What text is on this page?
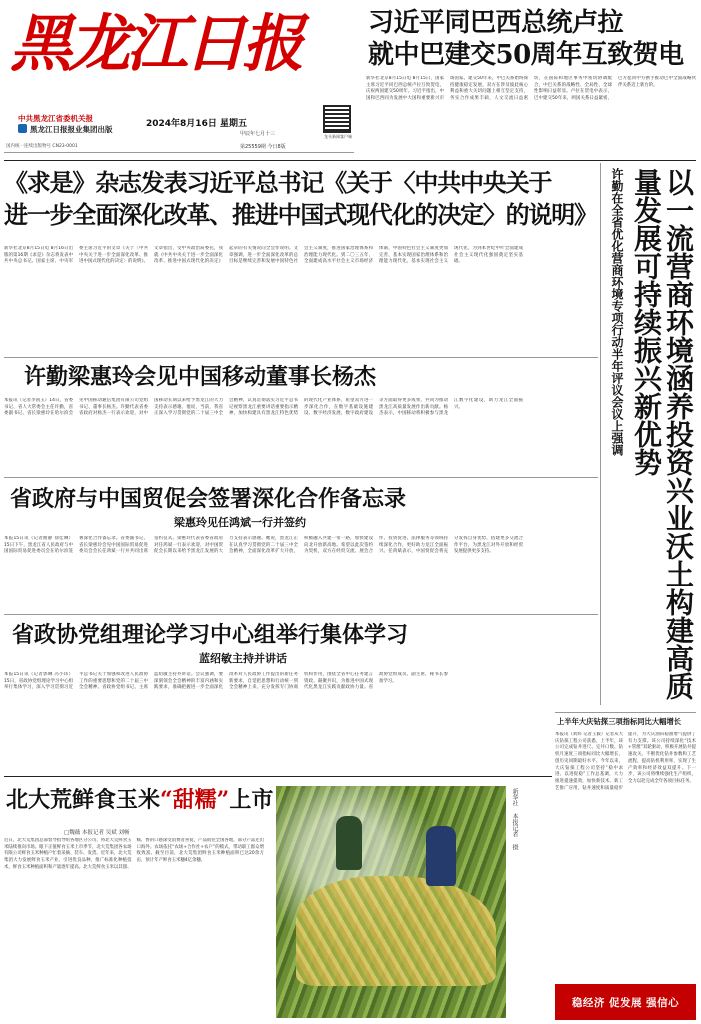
黑龙江日报
中共黑龙江省委机关报
黑龙江日报报业集团出版
国内统一连续出版物号 CN23-0001
2024年8月16日 星期五
甲辰年七月十三
第25559期 今日8版
龙头新闻客户端
习近平同巴西总统卢拉
就中巴建交50周年互致贺电
新华社北京8月15日电 8月15日，国家主席习近平同巴西总统卢拉互致贺电，庆祝两国建交50周年。习近平指出，中国和巴西同为发展中大国和重要新兴市场国家。建交50年来，中巴关系始终保持健康稳定发展，双方在涉及彼此核心利益和重大关切问题上相互坚定支持，务实合作成果丰硕，人文交流日益密切，在国际和地区事务中密切协调配合，中巴关系的战略性、全局性、全球性影响日益彰显。卢拉在贺电中表示，巴中建交50年来，两国关系日益紧密，巴方愿同中方携手推动巴中全面战略伙伴关系迈上新台阶。
《求是》杂志发表习近平总书记《关于〈中共中央关于
进一步全面深化改革、推进中国式现代化的决定〉的说明》
新华社北京8月15日电 8月16日出版的第16期《求是》杂志将发表中共中央总书记、国家主席、中央军委主席习近平的文章《关于〈中共中央关于进一步全面深化改革、推进中国式现代化的决定〉的说明》。文章指出，受中央政治局委托，我就《中共中央关于进一步全面深化改革、推进中国式现代化的决定》起草的有关情况向全会作说明。文章强调，进一步全面深化改革的总目标是继续完善和发展中国特色社会主义制度，推进国家治理体系和治理能力现代化。到二〇三五年，全面建成高水平社会主义市场经济体制，中国特色社会主义制度更加完善，基本实现国家治理体系和治理能力现代化，基本实现社会主义现代化，为到本世纪中叶全面建成社会主义现代化强国奠定坚实基础。	以一流营商环境涵养投资兴业沃土构建高质量发展可持续振兴新优势
许勤在全省优化营商环境专项行动半年评议会议上强调
许勤梁惠玲会见中国移动董事长杨杰
本报讯（记者李国玉）14日，省委书记、省人大常委会主任许勤，省委副书记、省长梁惠玲在哈尔滨会见中国移动通信集团有限公司党组书记、董事长杨杰。许勤代表省委省政府对杨杰一行表示欢迎，对中国移动长期以来给予黑龙江的大力支持表示感谢。他说，当前，我省正深入学习贯彻党的二十届三中全会精神，认真贯彻落实习近平总书记视察黑龙江重要讲话重要指示精神，加快构建具有黑龙江特色优势的现代化产业体系，希望双方进一步深化合作，在数字基础设施建设、数字经济发展、数字政府建设等方面取得更多成果，共同为推动黑龙江高质量发展作出新贡献。杨杰表示，中国移动将积极参与黑龙江数字化建设，助力龙江全面振兴。
省政府与中国贸促会签署深化合作备忘录
梁惠玲见任鸿斌一行并签约
本报15日讯（记者曲静 徐佳琳）15日下午，黑龙江省人民政府与中国国际贸易促进委员会在哈尔滨签署深化合作备忘录。省委副书记、省长梁惠玲会见中国国际贸易促进委员会会长任鸿斌一行并共同出席签约仪式。梁惠玲代表省委省政府对任鸿斌一行表示欢迎，对中国贸促会长期以来给予黑龙江发展的大力支持表示感谢。她说，黑龙江正在认真学习贯彻党的二十届三中全会精神，全面深化改革扩大开放，积极融入共建一带一路，加快建设向北开放新高地。希望以此次签约为契机，双方在经贸交流、展会合作、投资促进、法律服务等领域持续深化合作，更好助力龙江全面振兴。任鸿斌表示，中国贸促会将充分发挥自身优势，搭建更多交流合作平台，为黑龙江对外开放和经贸发展提供更多支持。
省政协党组理论学习中心组举行集体学习
蓝绍敏主持并讲话
本报15日讯（记者郭琳 冯小玮）15日，省政协党组理论学习中心组举行集体学习，深入学习贯彻习近平总书记关于加强和改进人民政协工作的重要思想和党的二十届三中全会精神。省政协党组书记、主席蓝绍敏主持并讲话。会议强调，要深刻领会全会精神的丰富内涵和实践要求，准确把握进一步全面深化改革对人民政协工作提出的新任务新要求，自觉把思想和行动统一到全会精神上来，充分发挥专门协商机构作用，围绕全省中心任务建言资政、凝聚共识，为推进中国式现代化黑龙江实践贡献政协力量。省政协党组成员、副主席，秘书长参加学习。
上半年大庆钻探三项指标同比大幅增长
本报讯（刘炜 记者王毅）记者从大庆钻探工程公司获悉，上半年，该公司完成钻井进尺、完井口数、钻机月速度三项指标同比大幅增长，创历史同期最好水平。今年以来，大庆钻探工程公司坚持“稳中求进、以进促稳”工作总基调，大力推进提速提效，加快新技术、新工艺推广应用，钻井速度和质量稳步提升，为大庆油田稳油增气提供了有力支撑。该公司持续深化“技术+管理”双轮驱动，积极开展钻井提速攻关，不断优化钻井参数和工艺流程，提高钻机利用率，实现了生产效率和经济效益双提升。下一步，该公司将继续强化生产组织，全力以赴完成全年各项目标任务。
北大荒鲜食玉米“甜糯”上市
□魏薇 本报记者 吴斌 刘畅
近日，北大荒集团总部督导指导组各地区分公司，将北大荒鲜食玉米陆续推向市场。眼下正值鲜食玉米上市季节，北大荒集团各农场有限公司鲜食玉米种植户忙着采摘、装车、发货。近年来，北大荒集团大力发展鲜食玉米产业，引进优良品种，推广标准化种植技术，鲜食玉米种植面积和产量逐年提高。北大荒鲜食玉米以其甜、糯、香的口感深受消费者喜爱，产品销往全国各地，部分产品还出口海外。农场依托“农场+合作社+农户”的模式，带动职工群众增收致富。截至目前，北大荒集团鲜食玉米种植面积已达20余万亩，预计年产鲜食玉米穗4亿余穗。
新华社 本报记者 摄
稳经济 促发展 强信心
